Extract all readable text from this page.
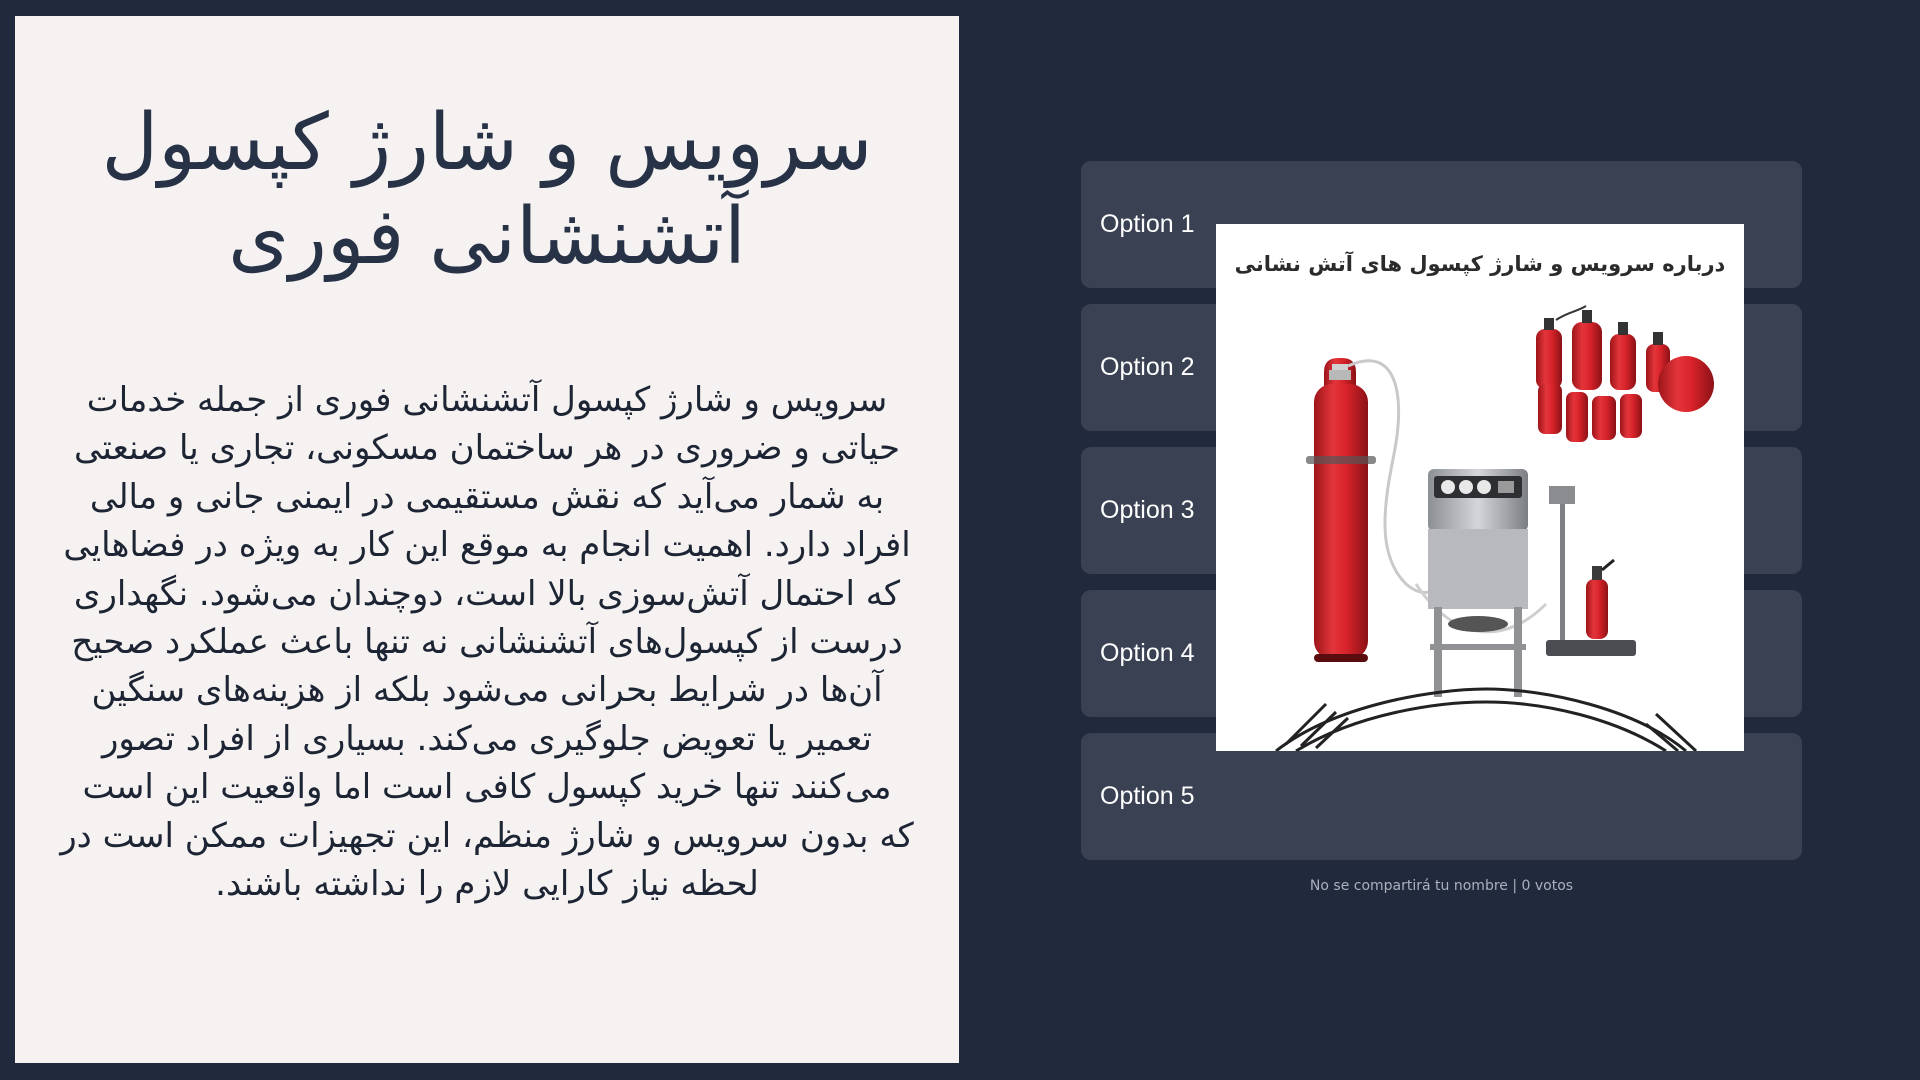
سرویس و شارژ کپسول آتشنشانی فوری

سرویس و شارژ کپسول آتشنشانی فوری از جمله خدمات حیاتی و ضروری در هر ساختمان مسکونی، تجاری یا صنعتی به شمار می‌آید که نقش مستقیمی در ایمنی جانی و مالی افراد دارد. اهمیت انجام به موقع این کار به ویژه در فضاهایی که احتمال آتش‌سوزی بالا است، دوچندان می‌شود. نگهداری درست از کپسول‌های آتشنشانی نه تنها باعث عملکرد صحیح آن‌ها در شرایط بحرانی می‌شود بلکه از هزینه‌های سنگین تعمیر یا تعویض جلوگیری می‌کند. بسیاری از افراد تصور می‌کنند تنها خرید کپسول کافی است اما واقعیت این است که بدون سرویس و شارژ منظم، این تجهیزات ممکن است در لحظه نیاز کارایی لازم را نداشته باشند.

Option 1
Option 2
Option 3
Option 4
Option 5
No se compartirá tu nombre | 0 votos
درباره سرویس و شارژ کپسول های آتش نشانی
